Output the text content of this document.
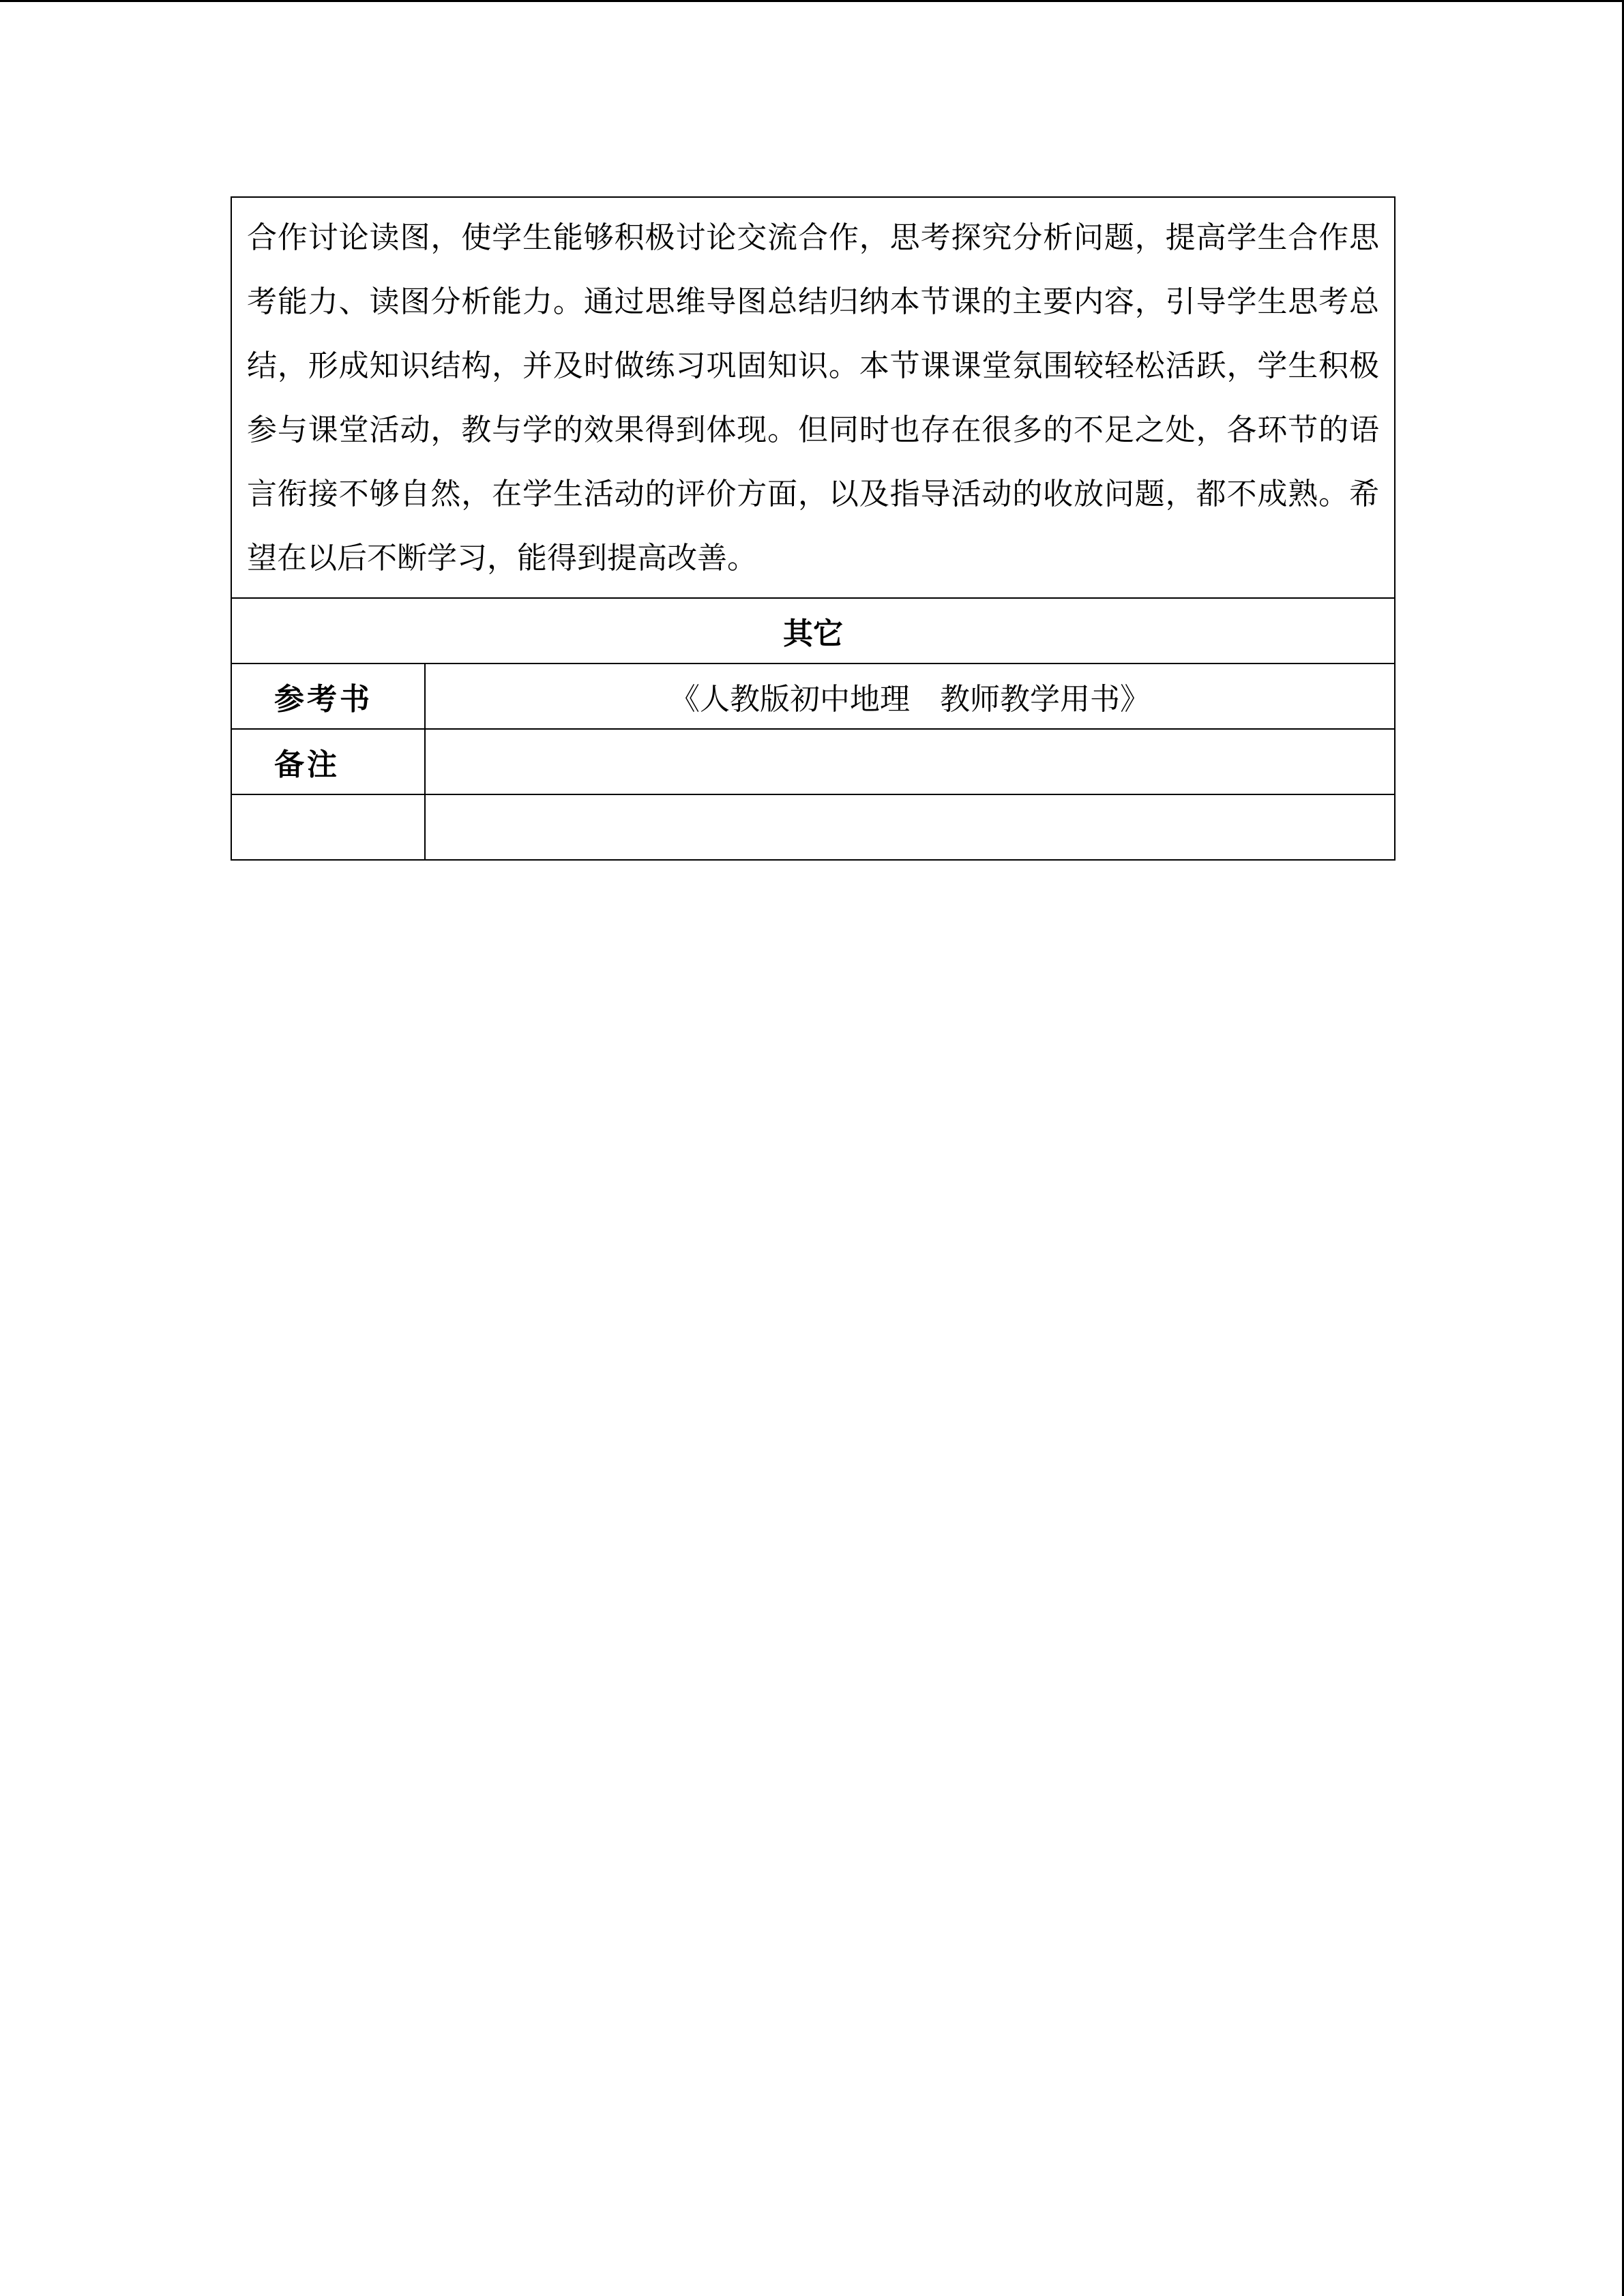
合作讨论读图，使学生能够积极讨论交流合作，思考探究分析问题，提高学生合作思考能力、读图分析能力。通过思维导图总结归纳本节课的主要内容，引导学生思考总结，形成知识结构，并及时做练习巩固知识。本节课课堂氛围较轻松活跃，学生积极参与课堂活动，教与学的效果得到体现。但同时也存在很多的不足之处，各环节的语言衔接不够自然，在学生活动的评价方面，以及指导活动的收放问题，都不成熟。希望在以后不断学习，能得到提高改善。	
其它	
参考书	《人教版初中地理　教师教学用书》
备注	
